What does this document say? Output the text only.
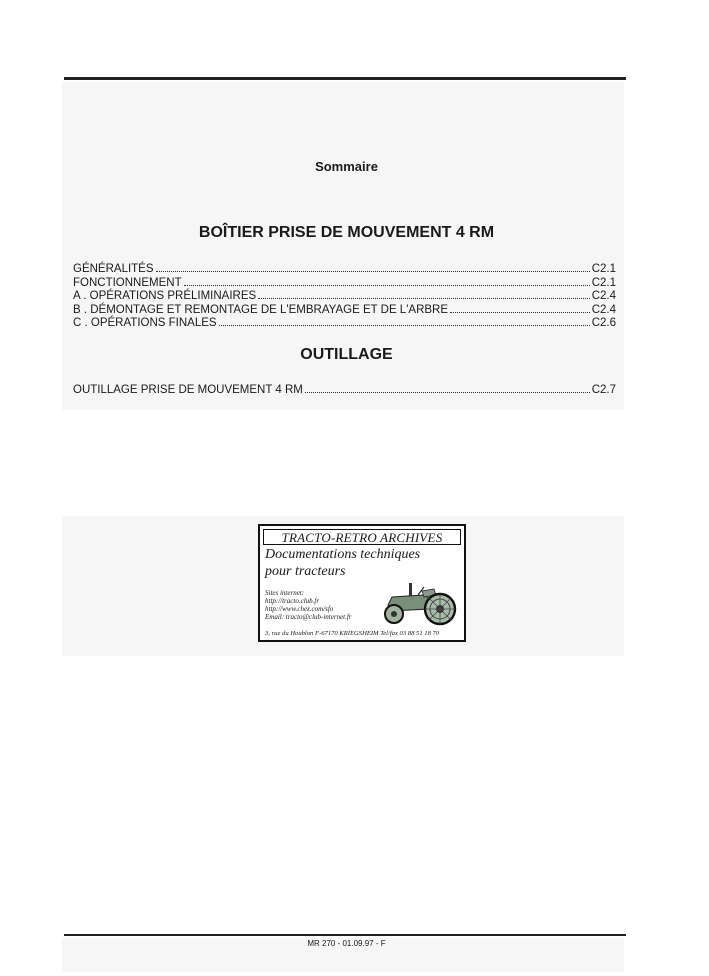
Sommaire
BOÎTIER PRISE DE MOUVEMENT 4 RM
GÉNÉRALITÉS	C2.1
FONCTIONNEMENT	C2.1
A . OPÉRATIONS PRÉLIMINAIRES	C2.4
B . DÉMONTAGE ET REMONTAGE DE L'EMBRAYAGE ET DE L'ARBRE	C2.4
C . OPÉRATIONS FINALES	C2.6
OUTILLAGE
OUTILLAGE PRISE DE MOUVEMENT 4 RM	C2.7
TRACTO-RETRO ARCHIVES
Documentations techniques
pour tracteurs
Sites internet:
http://tracto.club.fr
http://www.chez.com/sfo
Email: tracto@club-internet.fr
3, rue du Houblon F-67170 KRIEGSHEIM Tel/fax 03 88 51 18 70
MR 270 - 01.09.97 - F
